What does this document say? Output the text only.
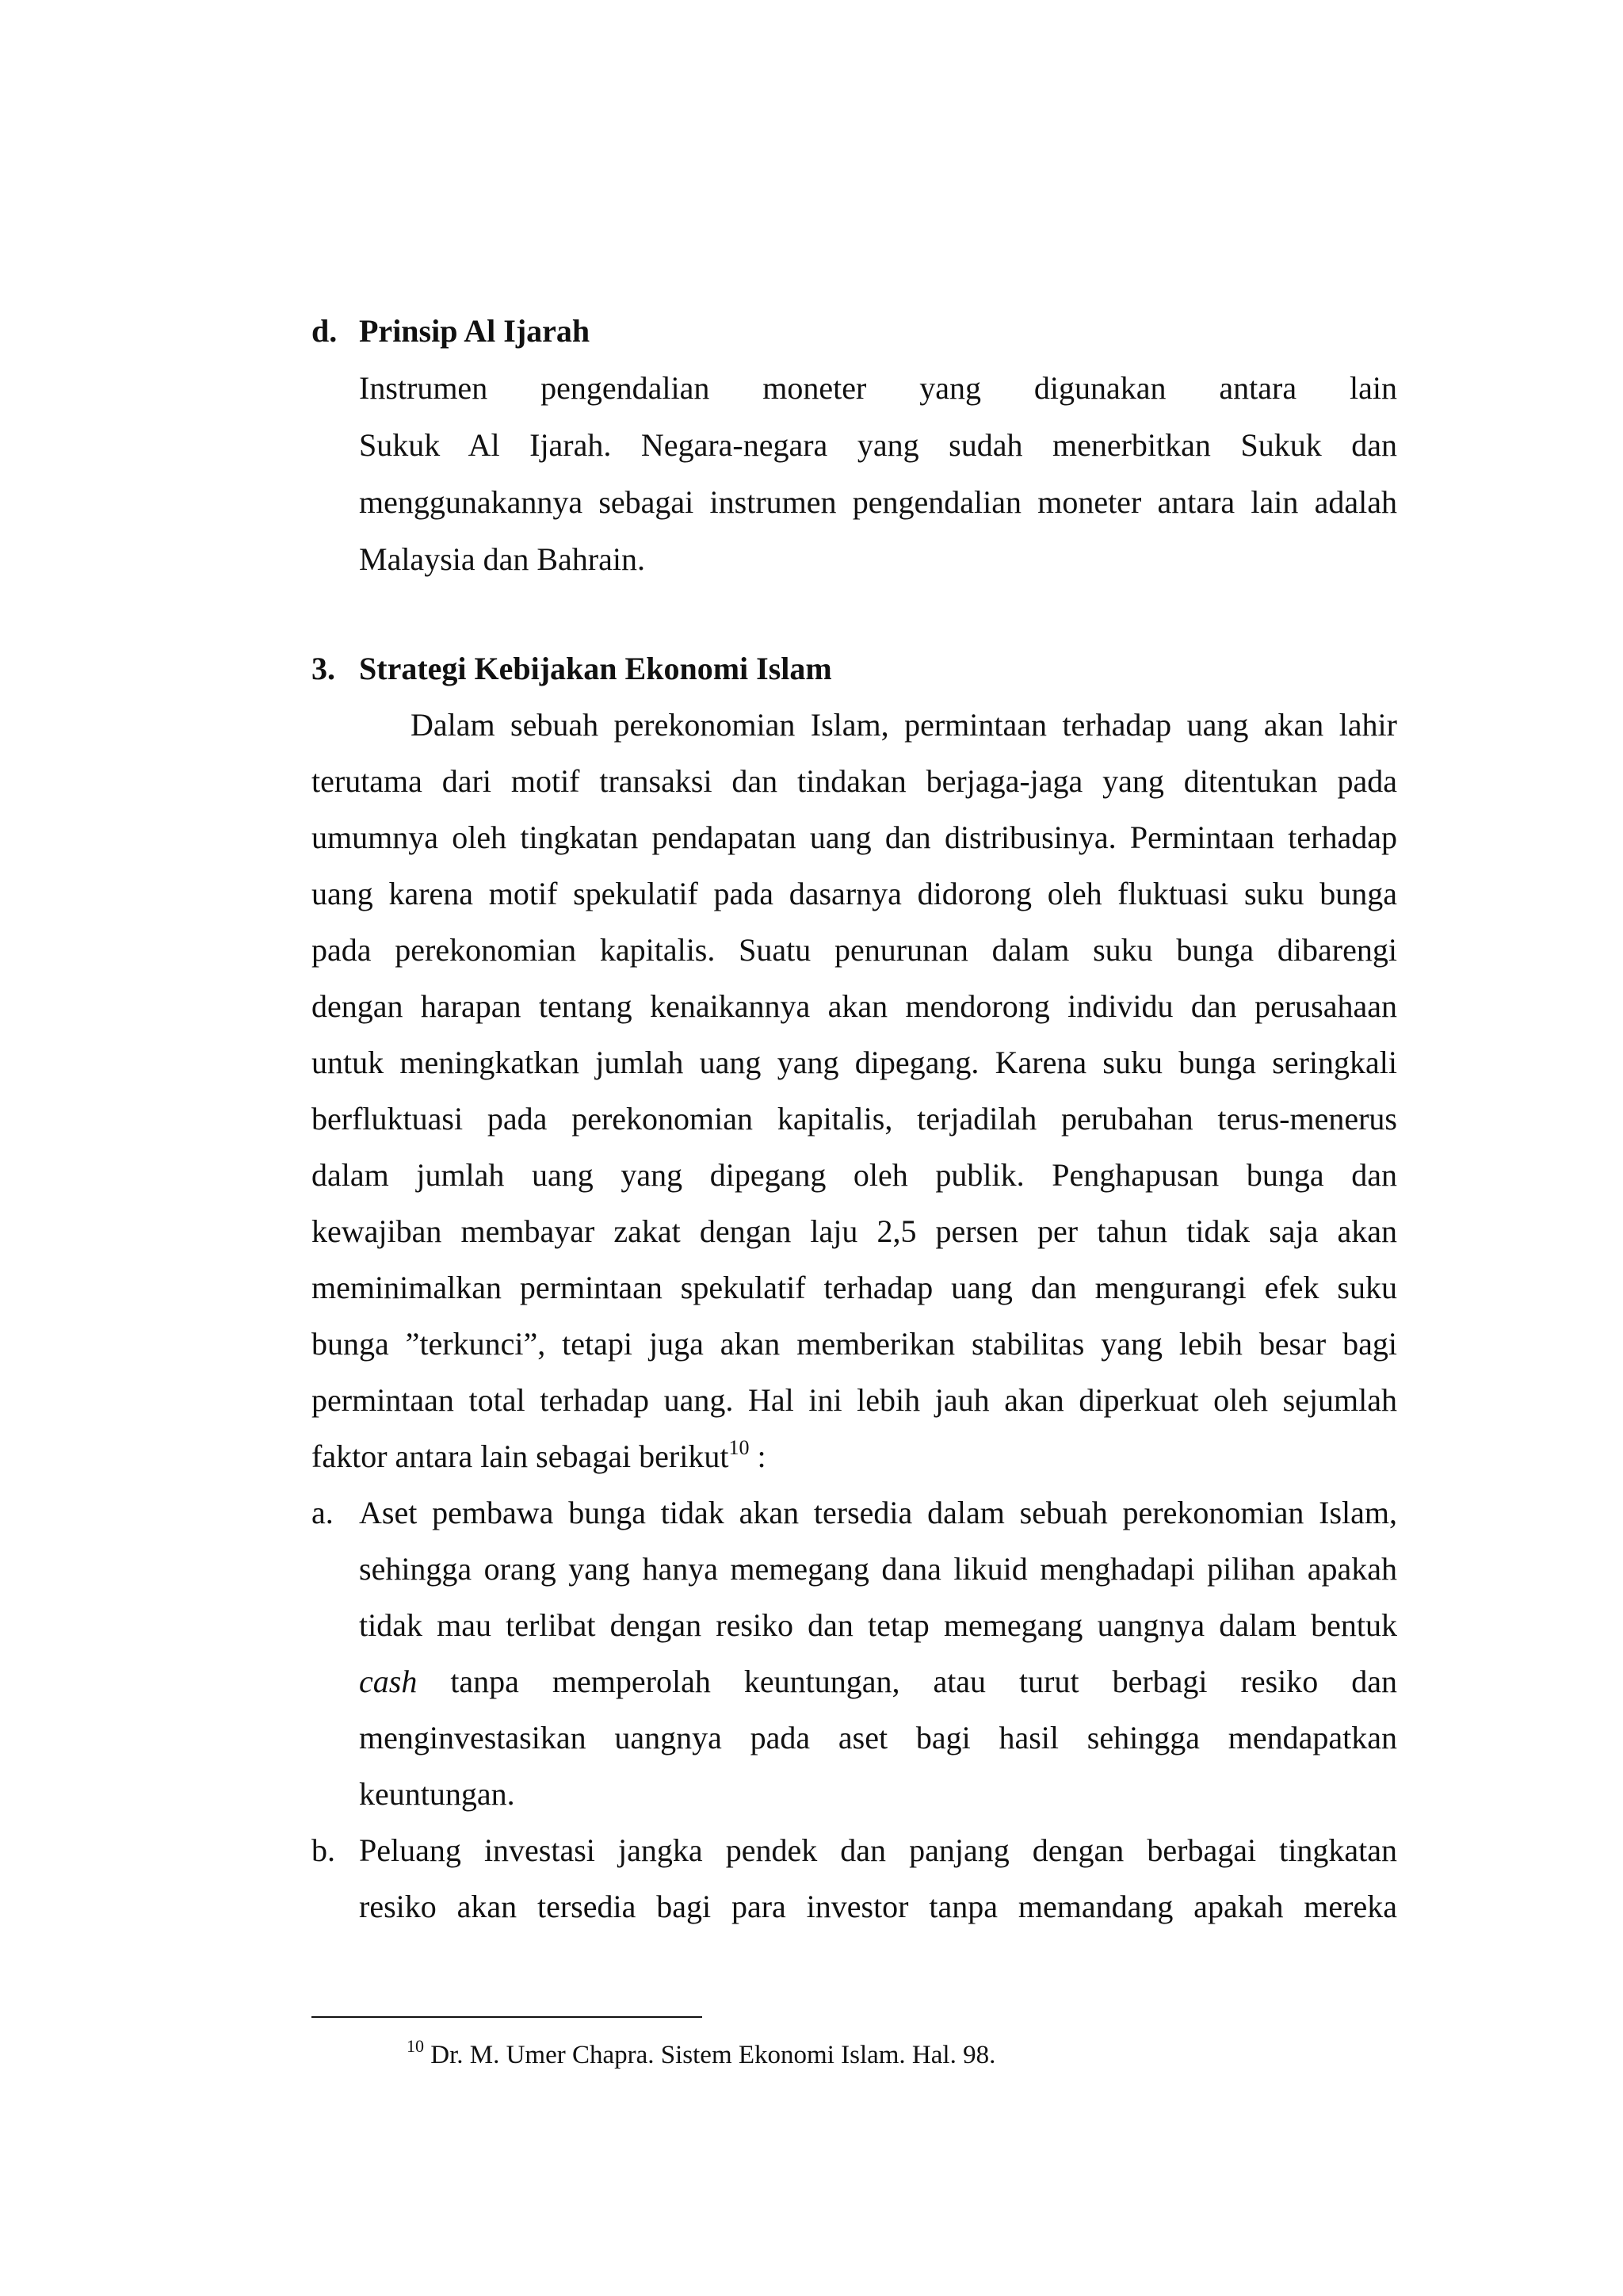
d. Prinsip Al Ijarah
Instrumen pengendalian moneter yang digunakan antara lain
Sukuk Al Ijarah. Negara-negara yang sudah menerbitkan Sukuk dan
menggunakannya sebagai instrumen pengendalian moneter antara lain adalah
Malaysia dan Bahrain.
3. Strategi Kebijakan Ekonomi Islam
Dalam sebuah perekonomian Islam, permintaan terhadap uang akan lahir
terutama dari motif transaksi dan tindakan berjaga-jaga yang ditentukan pada
umumnya oleh tingkatan pendapatan uang dan distribusinya. Permintaan terhadap
uang karena motif spekulatif pada dasarnya didorong oleh fluktuasi suku bunga
pada perekonomian kapitalis. Suatu penurunan dalam suku bunga dibarengi
dengan harapan tentang kenaikannya akan mendorong individu dan perusahaan
untuk meningkatkan jumlah uang yang dipegang. Karena suku bunga seringkali
berfluktuasi pada perekonomian kapitalis, terjadilah perubahan terus-menerus
dalam jumlah uang yang dipegang oleh publik. Penghapusan bunga dan
kewajiban membayar zakat dengan laju 2,5 persen per tahun tidak saja akan
meminimalkan permintaan spekulatif terhadap uang dan mengurangi efek suku
bunga ”terkunci”, tetapi juga akan memberikan stabilitas yang lebih besar bagi
permintaan total terhadap uang. Hal ini lebih jauh akan diperkuat oleh sejumlah
faktor antara lain sebagai berikut$^{10}$ :
a. Aset pembawa bunga tidak akan tersedia dalam sebuah perekonomian Islam,
sehingga orang yang hanya memegang dana likuid menghadapi pilihan apakah
tidak mau terlibat dengan resiko dan tetap memegang uangnya dalam bentuk
cash tanpa memperolah keuntungan, atau turut berbagi resiko dan
menginvestasikan uangnya pada aset bagi hasil sehingga mendapatkan
keuntungan.
b. Peluang investasi jangka pendek dan panjang dengan berbagai tingkatan
resiko akan tersedia bagi para investor tanpa memandang apakah mereka
$^{10}$ Dr. M. Umer Chapra. Sistem Ekonomi Islam. Hal. 98.
